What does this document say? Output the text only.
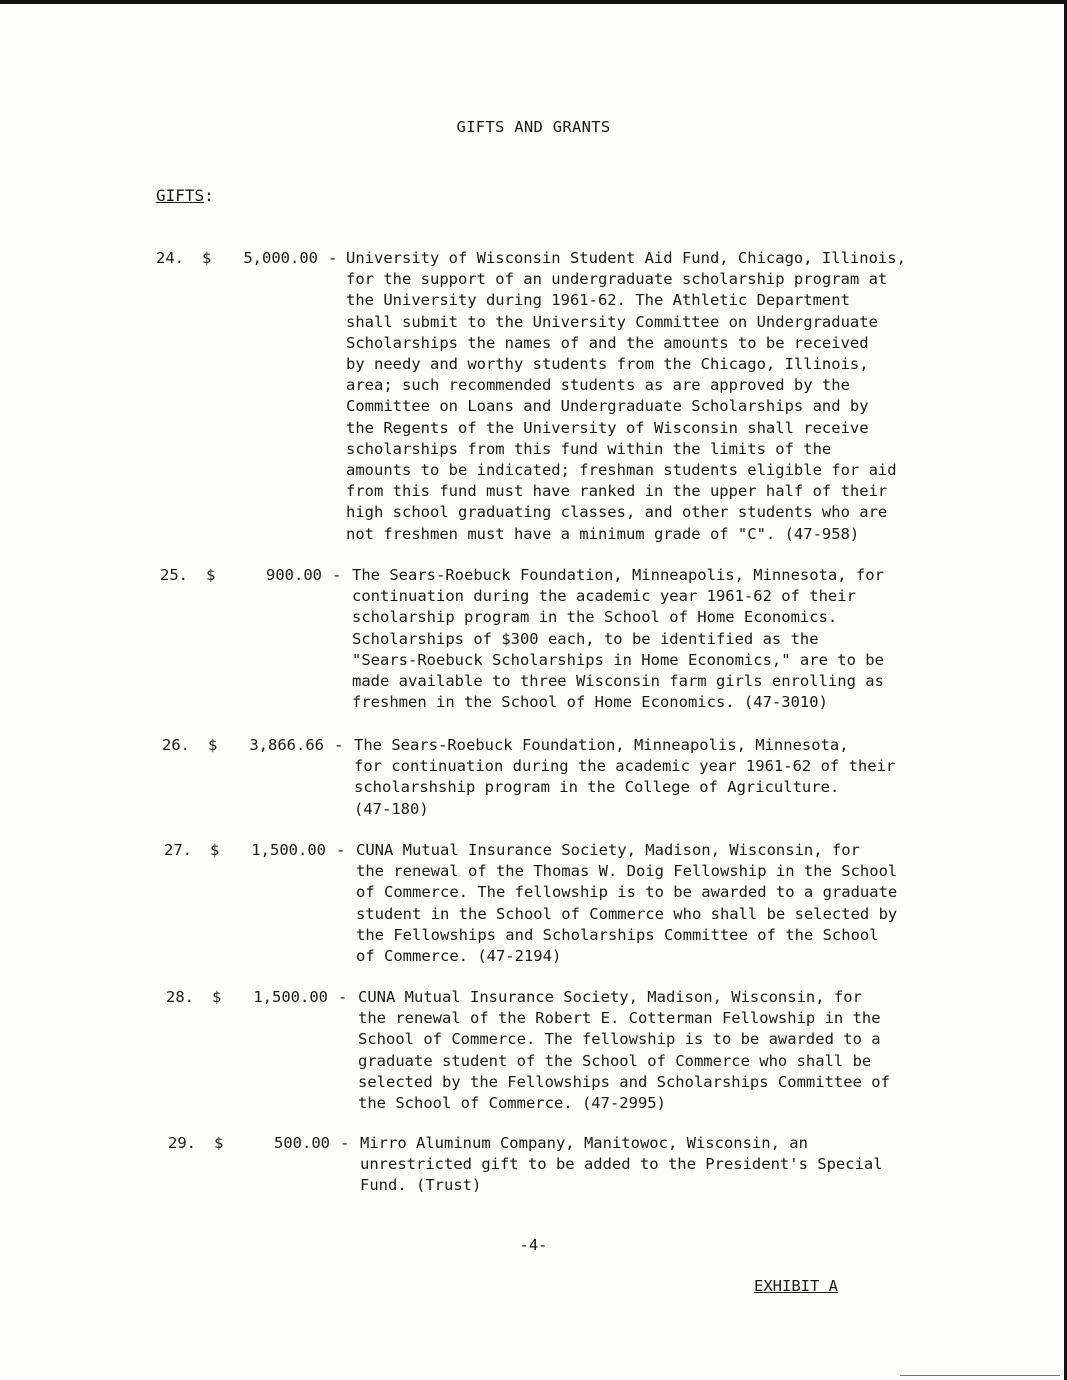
GIFTS AND GRANTS
GIFTS:
24. $	5,000.00 - University of Wisconsin Student Aid Fund, Chicago, Illinois,
for the support of an undergraduate scholarship program at
the University during 1961-62. The Athletic Department
shall submit to the University Committee on Undergraduate
Scholarships the names of and the amounts to be received
by needy and worthy students from the Chicago, Illinois,
area; such recommended students as are approved by the
Committee on Loans and Undergraduate Scholarships and by
the Regents of the University of Wisconsin shall receive
scholarships from this fund within the limits of the
amounts to be indicated; freshman students eligible for aid
from this fund must have ranked in the upper half of their
high school graduating classes, and other students who are
not freshmen must have a minimum grade of "C". (47-958)
25. $	900.00 - The Sears-Roebuck Foundation, Minneapolis, Minnesota, for
continuation during the academic year 1961-62 of their
scholarship program in the School of Home Economics.
Scholarships of $300 each, to be identified as the
"Sears-Roebuck Scholarships in Home Economics," are to be
made available to three Wisconsin farm girls enrolling as
freshmen in the School of Home Economics. (47-3010)
26. $	3,866.66 - The Sears-Roebuck Foundation, Minneapolis, Minnesota,
for continuation during the academic year 1961-62 of their
scholarshship program in the College of Agriculture.
(47-180)
27. $	1,500.00 - CUNA Mutual Insurance Society, Madison, Wisconsin, for
the renewal of the Thomas W. Doig Fellowship in the School
of Commerce. The fellowship is to be awarded to a graduate
student in the School of Commerce who shall be selected by
the Fellowships and Scholarships Committee of the School
of Commerce. (47-2194)
28. $	1,500.00 - CUNA Mutual Insurance Society, Madison, Wisconsin, for
the renewal of the Robert E. Cotterman Fellowship in the
School of Commerce. The fellowship is to be awarded to a
graduate student of the School of Commerce who shall be
selected by the Fellowships and Scholarships Committee of
the School of Commerce. (47-2995)
29. $	500.00 - Mirro Aluminum Company, Manitowoc, Wisconsin, an
unrestricted gift to be added to the President's Special
Fund. (Trust)
-4-
EXHIBIT A
